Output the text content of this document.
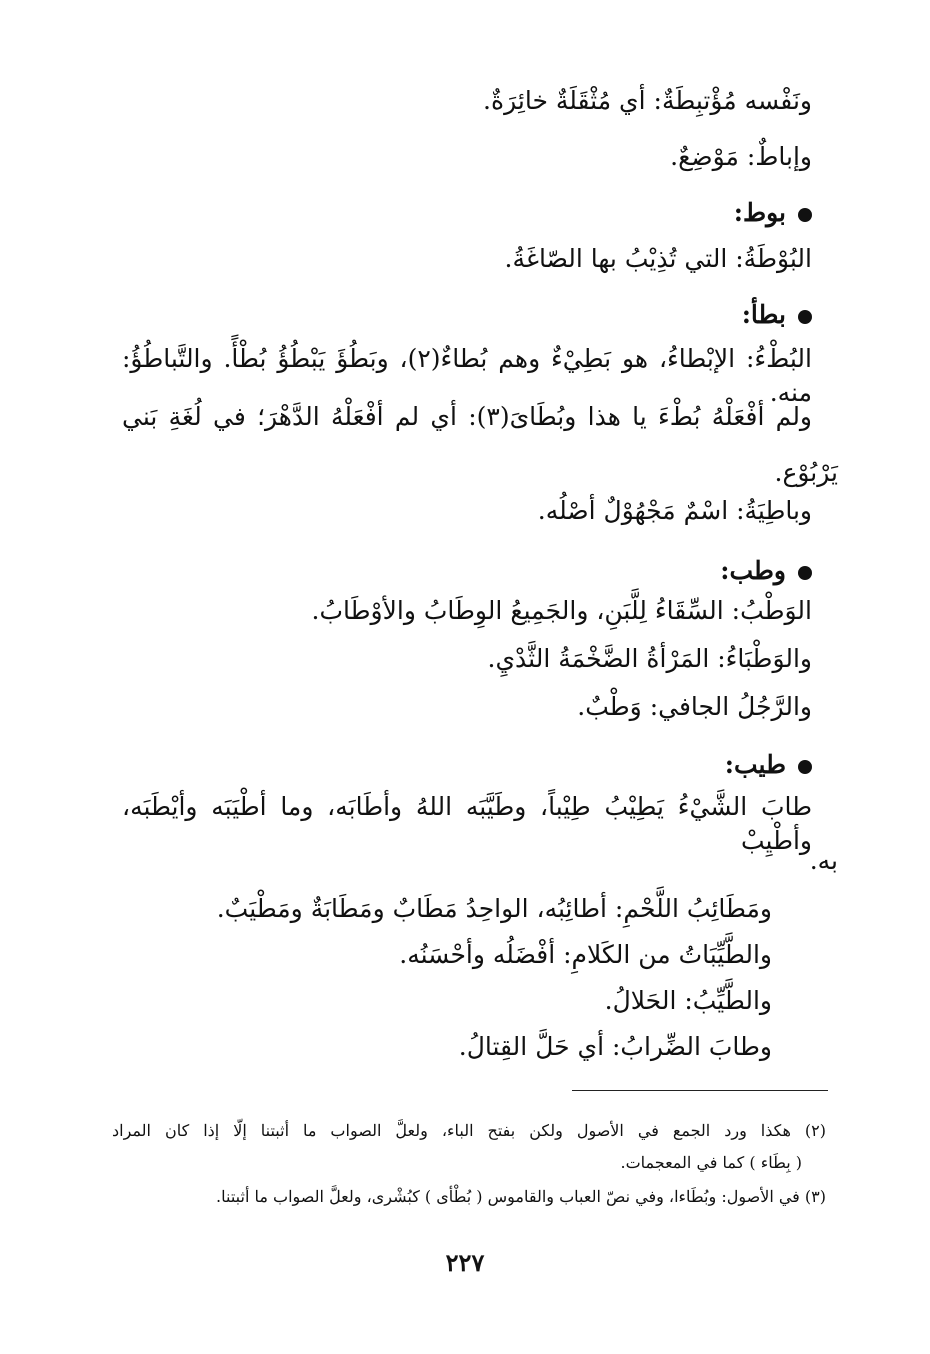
ونَفْسه مُؤْتبِطَةٌ: أي مُثْقَلَةٌ خائِرَةٌ.
وإباطٌ: مَوْضِعٌ.
بوط:
البُوْطَةُ: التي تُذِيْبُ بها الصّاغَةُ.
بطأ:
البُطْءُ: الإبْطاءُ، هو بَطِيْءٌ وهم بُطاءٌ(٢)، وبَطُؤَ يَبْطُؤُ بُطْأً. والتَّباطُؤُ: منه.
ولم أفْعَلْهُ بُطْءَ يا هذا وبُطَاىَ(٣): أي لم أفْعَلْهُ الدَّهْرَ؛ في لُغَةِ بَني
يَرْبُوْع.
وباطِيَةُ: اسْمٌ مَجْهُوْلٌ أصْلُه.
وطب:
الوَطْبُ: السِّقَاءُ لِلَّبَنِ، والجَمِيعُ الوِطَابُ والأوْطَابُ.
والوَطْبَاءُ: المَرْأةُ الضَّخْمَةُ الثَّدْيِ.
والرَّجُلُ الجافي: وَطْبٌ.
طيب:
طابَ الشَّيْءُ يَطِيْبُ طِيْباً، وطَيَّبَه اللهُ وأطَابَه، وما أطْيَبَه وأيْطَبَه، وأطْيِبْ
به.
ومَطَائِبُ اللَّحْمِ: أطائِبُه، الواحِدُ مَطَابٌ ومَطَابَةٌ ومَطْيَبٌ.
والطَّيِّبَاتُ من الكَلامِ: أفْضَلُه وأحْسَنُه.
والطَّيِّبُ: الحَلالُ.
وطابَ الضِّرابُ: أي حَلَّ القِتالُ.
(٢) هكذا ورد الجمع في الأصول ولكن بفتح الباء، ولعلَّ الصواب ما أثبتنا إلّا إذا كان المراد
( بِطَاء ) كما في المعجمات.
(٣) في الأصول: وبُطَاءا، وفي نصّ العباب والقاموس ( بُطْأى ) كبُشْرى، ولعلَّ الصواب ما أثبتنا.
٢٢٧
